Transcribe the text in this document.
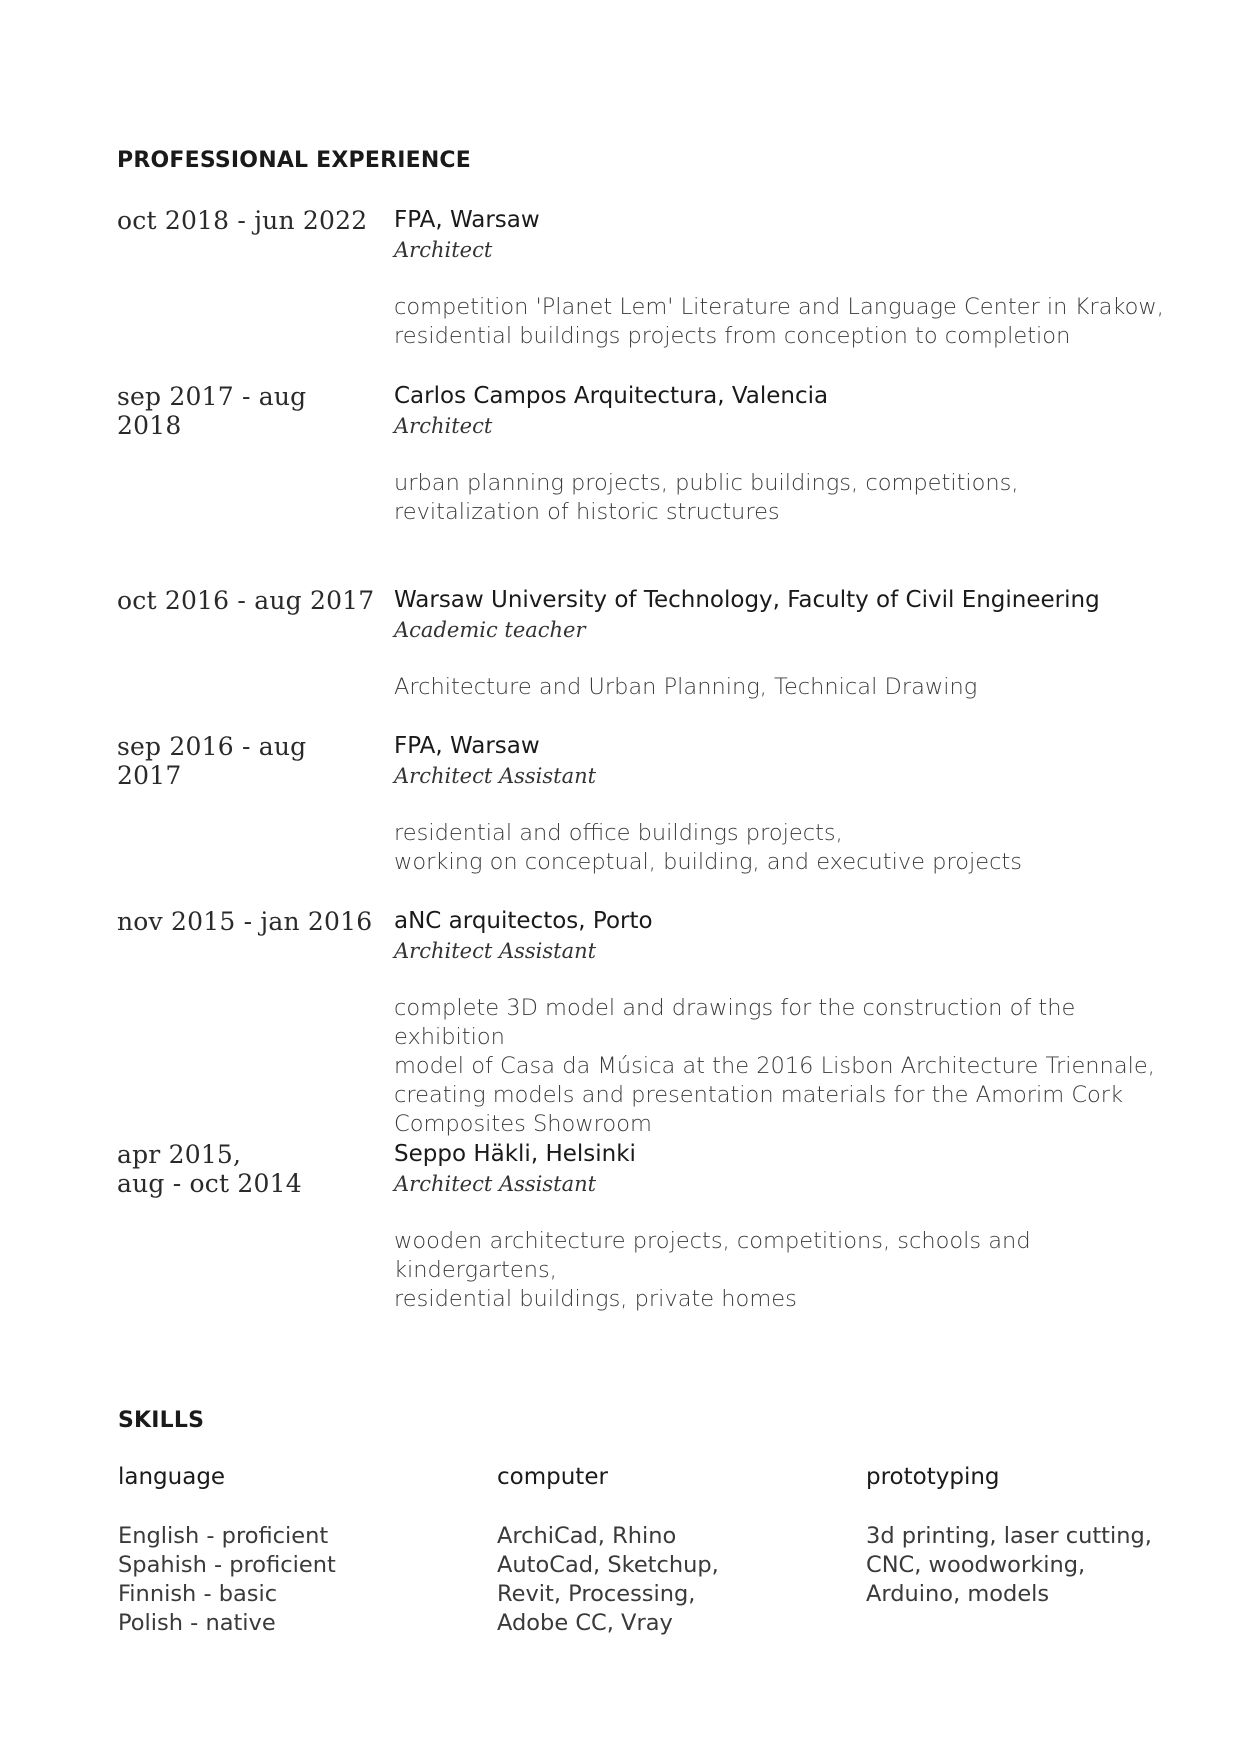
PROFESSIONAL EXPERIENCE
oct 2018 - jun 2022	FPA, Warsaw
Architect
competition 'Planet Lem' Literature and Language Center in Krakow,
residential buildings projects from conception to completion
sep 2017 - aug 2018
Carlos Campos Arquitectura, Valencia
Architect
urban planning projects, public buildings, competitions,
revitalization of historic structures
oct 2016 - aug 2017 Warsaw University of Technology, Faculty of Civil Engineering
Academic teacher
Architecture and Urban Planning, Technical Drawing
sep 2016 - aug 2017
FPA, Warsaw
Architect Assistant
residential and office buildings projects,
working on conceptual, building, and executive projects
nov 2015 - jan 2016 aNC arquitectos, Porto
Architect Assistant
complete 3D model and drawings for the construction of the exhibition
model of Casa da Música at the 2016 Lisbon Architecture Triennale,
creating models and presentation materials for the Amorim Cork
Composites Showroom
apr 2015,
aug - oct 2014
Seppo Häkli, Helsinki
Architect Assistant
wooden architecture projects, competitions, schools and kindergartens,
residential buildings, private homes
SKILLS
language
English - proficient
Spahish - proficient
Finnish - basic
Polish - native
computer
ArchiCad, Rhino
AutoCad, Sketchup,
Revit, Processing,
Adobe CC, Vray
prototyping
3d printing, laser cutting,
CNC, woodworking,
Arduino, models
